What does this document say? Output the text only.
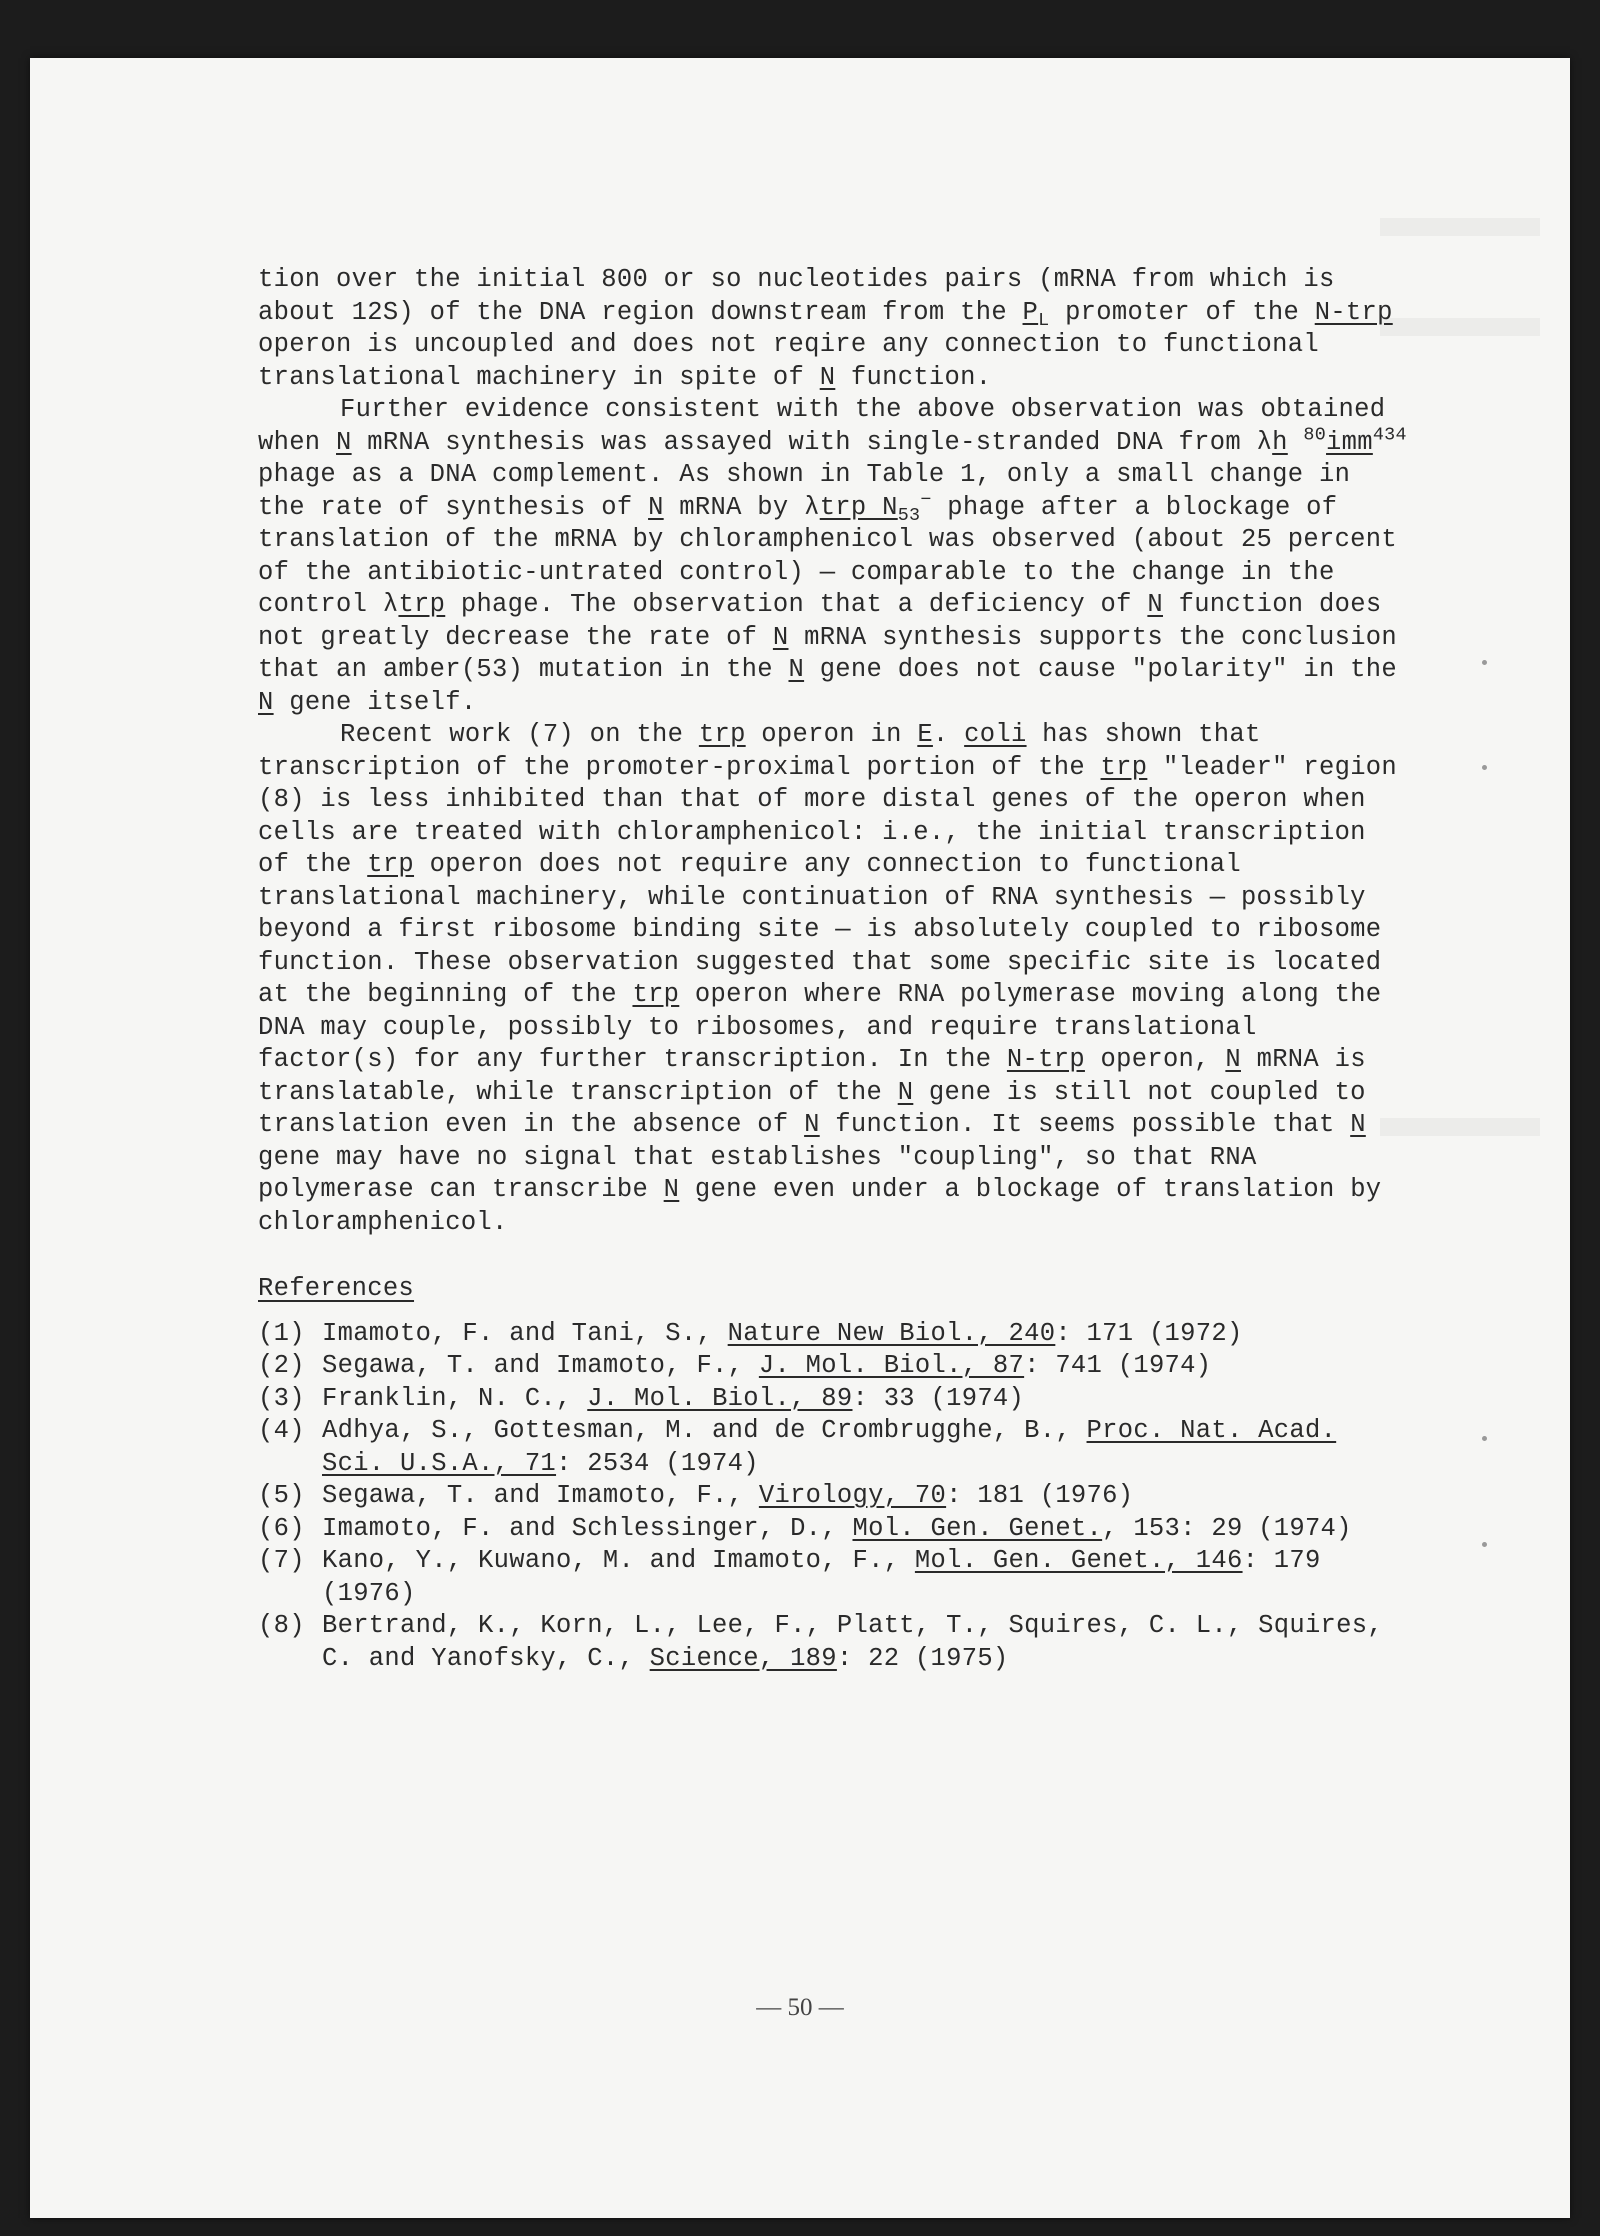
tion over the initial 800 or so nucleotides pairs (mRNA from which is about 12S) of the DNA region downstream from the $P_L$ promoter of the N-trp operon is uncoupled and does not reqire any connection to functional translational machinery in spite of N function.

Further evidence consistent with the above observation was obtained when N mRNA synthesis was assayed with single-stranded DNA from λh $^{80}$imm$^{434}$ phage as a DNA complement. As shown in Table 1, only a small change in the rate of synthesis of N mRNA by λtrp $N_{53}^-$ phage after a blockage of translation of the mRNA by chloramphenicol was observed (about 25 percent of the antibiotic-untrated control) — comparable to the change in the control λtrp phage. The observation that a deficiency of N function does not greatly decrease the rate of N mRNA synthesis supports the conclusion that an amber(53) mutation in the N gene does not cause "polarity" in the N gene itself.

Recent work (7) on the trp operon in E. coli has shown that transcription of the promoter-proximal portion of the trp "leader" region (8) is less inhibited than that of more distal genes of the operon when cells are treated with chloramphenicol: i.e., the initial transcription of the trp operon does not require any connection to functional translational machinery, while continuation of RNA synthesis — possibly beyond a first ribosome binding site — is absolutely coupled to ribosome function. These observation suggested that some specific site is located at the beginning of the trp operon where RNA polymerase moving along the DNA may couple, possibly to ribosomes, and require translational factor(s) for any further transcription. In the N-trp operon, N mRNA is translatable, while transcription of the N gene is still not coupled to translation even in the absence of N function. It seems possible that N gene may have no signal that establishes "coupling", so that RNA polymerase can transcribe N gene even under a blockage of translation by chloramphenicol.

References
(1) Imamoto, F. and Tani, S., Nature New Biol., 240: 171 (1972)
(2) Segawa, T. and Imamoto, F., J. Mol. Biol., 87: 741 (1974)
(3) Franklin, N. C., J. Mol. Biol., 89: 33 (1974)
(4) Adhya, S., Gottesman, M. and de Crombrugghe, B., Proc. Nat. Acad. Sci. U.S.A., 71: 2534 (1974)
(5) Segawa, T. and Imamoto, F., Virology, 70: 181 (1976)
(6) Imamoto, F. and Schlessinger, D., Mol. Gen. Genet., 153: 29 (1974)
(7) Kano, Y., Kuwano, M. and Imamoto, F., Mol. Gen. Genet., 146: 179 (1976)
(8) Bertrand, K., Korn, L., Lee, F., Platt, T., Squires, C. L., Squires, C. and Yanofsky, C., Science, 189: 22 (1975)
— 50 —
